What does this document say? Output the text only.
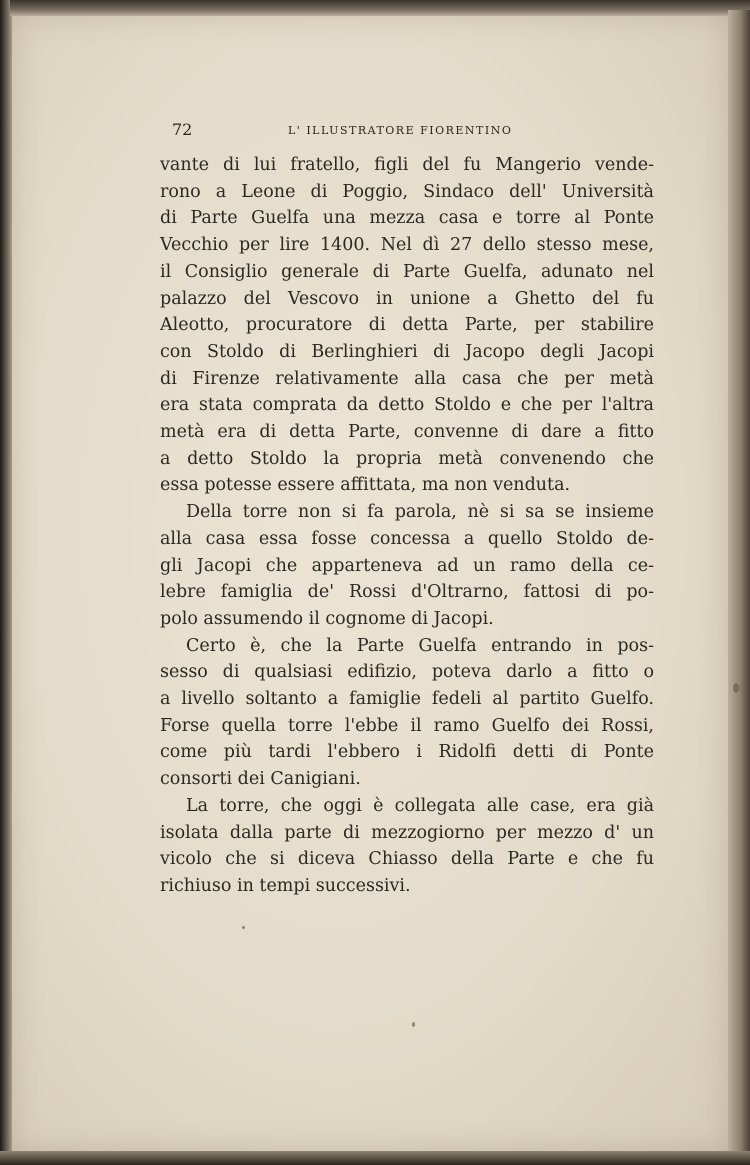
72	L' ILLUSTRATORE FIORENTINO

vante di lui fratello, figli del fu Mangerio vende-
rono a Leone di Poggio, Sindaco dell' Università
di Parte Guelfa una mezza casa e torre al Ponte
Vecchio per lire 1400. Nel dì 27 dello stesso mese,
il Consiglio generale di Parte Guelfa, adunato nel
palazzo del Vescovo in unione a Ghetto del fu
Aleotto, procuratore di detta Parte, per stabilire
con Stoldo di Berlinghieri di Jacopo degli Jacopi
di Firenze relativamente alla casa che per metà
era stata comprata da detto Stoldo e che per l'altra
metà era di detta Parte, convenne di dare a fitto
a detto Stoldo la propria metà convenendo che
essa potesse essere affittata, ma non venduta.

Della torre non si fa parola, nè si sa se insieme
alla casa essa fosse concessa a quello Stoldo de-
gli Jacopi che apparteneva ad un ramo della ce-
lebre famiglia de' Rossi d'Oltrarno, fattosi di po-
polo assumendo il cognome di Jacopi.

Certo è, che la Parte Guelfa entrando in pos-
sesso di qualsiasi edifizio, poteva darlo a fitto o
a livello soltanto a famiglie fedeli al partito Guelfo.
Forse quella torre l'ebbe il ramo Guelfo dei Rossi,
come più tardi l'ebbero i Ridolfi detti di Ponte
consorti dei Canigiani.

La torre, che oggi è collegata alle case, era già
isolata dalla parte di mezzogiorno per mezzo d' un
vicolo che si diceva Chiasso della Parte e che fu
richiuso in tempi successivi.
